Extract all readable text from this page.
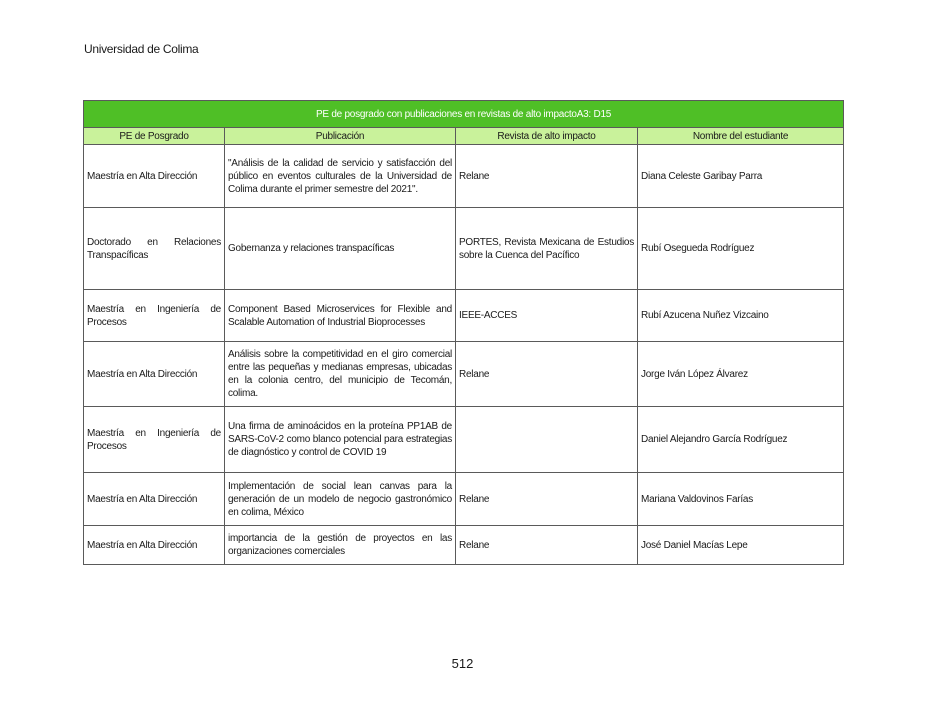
Universidad de Colima
PE de posgrado con publicaciones en revistas de alto impactoA3: D15			
PE de Posgrado	Publicación	Revista de alto impacto	Nombre del estudiante
Maestría en Alta Dirección	"Análisis de la calidad de servicio y satisfacción del público en eventos culturales de la Universidad de Colima durante el primer semestre del 2021".	Relane	Diana Celeste Garibay Parra
Doctorado en Relaciones Transpacíficas	Gobernanza y relaciones transpacíficas	PORTES, Revista Mexicana de Estudios sobre la Cuenca del Pacífico	Rubí Osegueda Rodríguez
Maestría en Ingeniería de Procesos	Component Based Microservices for Flexible and Scalable Automation of Industrial Bioprocesses	IEEE-ACCES	Rubí Azucena Nuñez Vizcaino
Maestría en Alta Dirección	Análisis sobre la competitividad en el giro comercial entre las pequeñas y medianas empresas, ubicadas en la colonia centro, del municipio de Tecomán, colima.	Relane	Jorge Iván López Álvarez
Maestría en Ingeniería de Procesos	Una firma de aminoácidos en la proteína PP1AB de SARS-CoV-2 como blanco potencial para estrategias de diagnóstico y control de COVID 19		Daniel Alejandro García Rodríguez
Maestría en Alta Dirección	Implementación de social lean canvas para la generación de un modelo de negocio gastronómico en colima, México	Relane	Mariana Valdovinos Farías
Maestría en Alta Dirección	importancia de la gestión de proyectos en las organizaciones comerciales	Relane	José Daniel Macías Lepe
512
